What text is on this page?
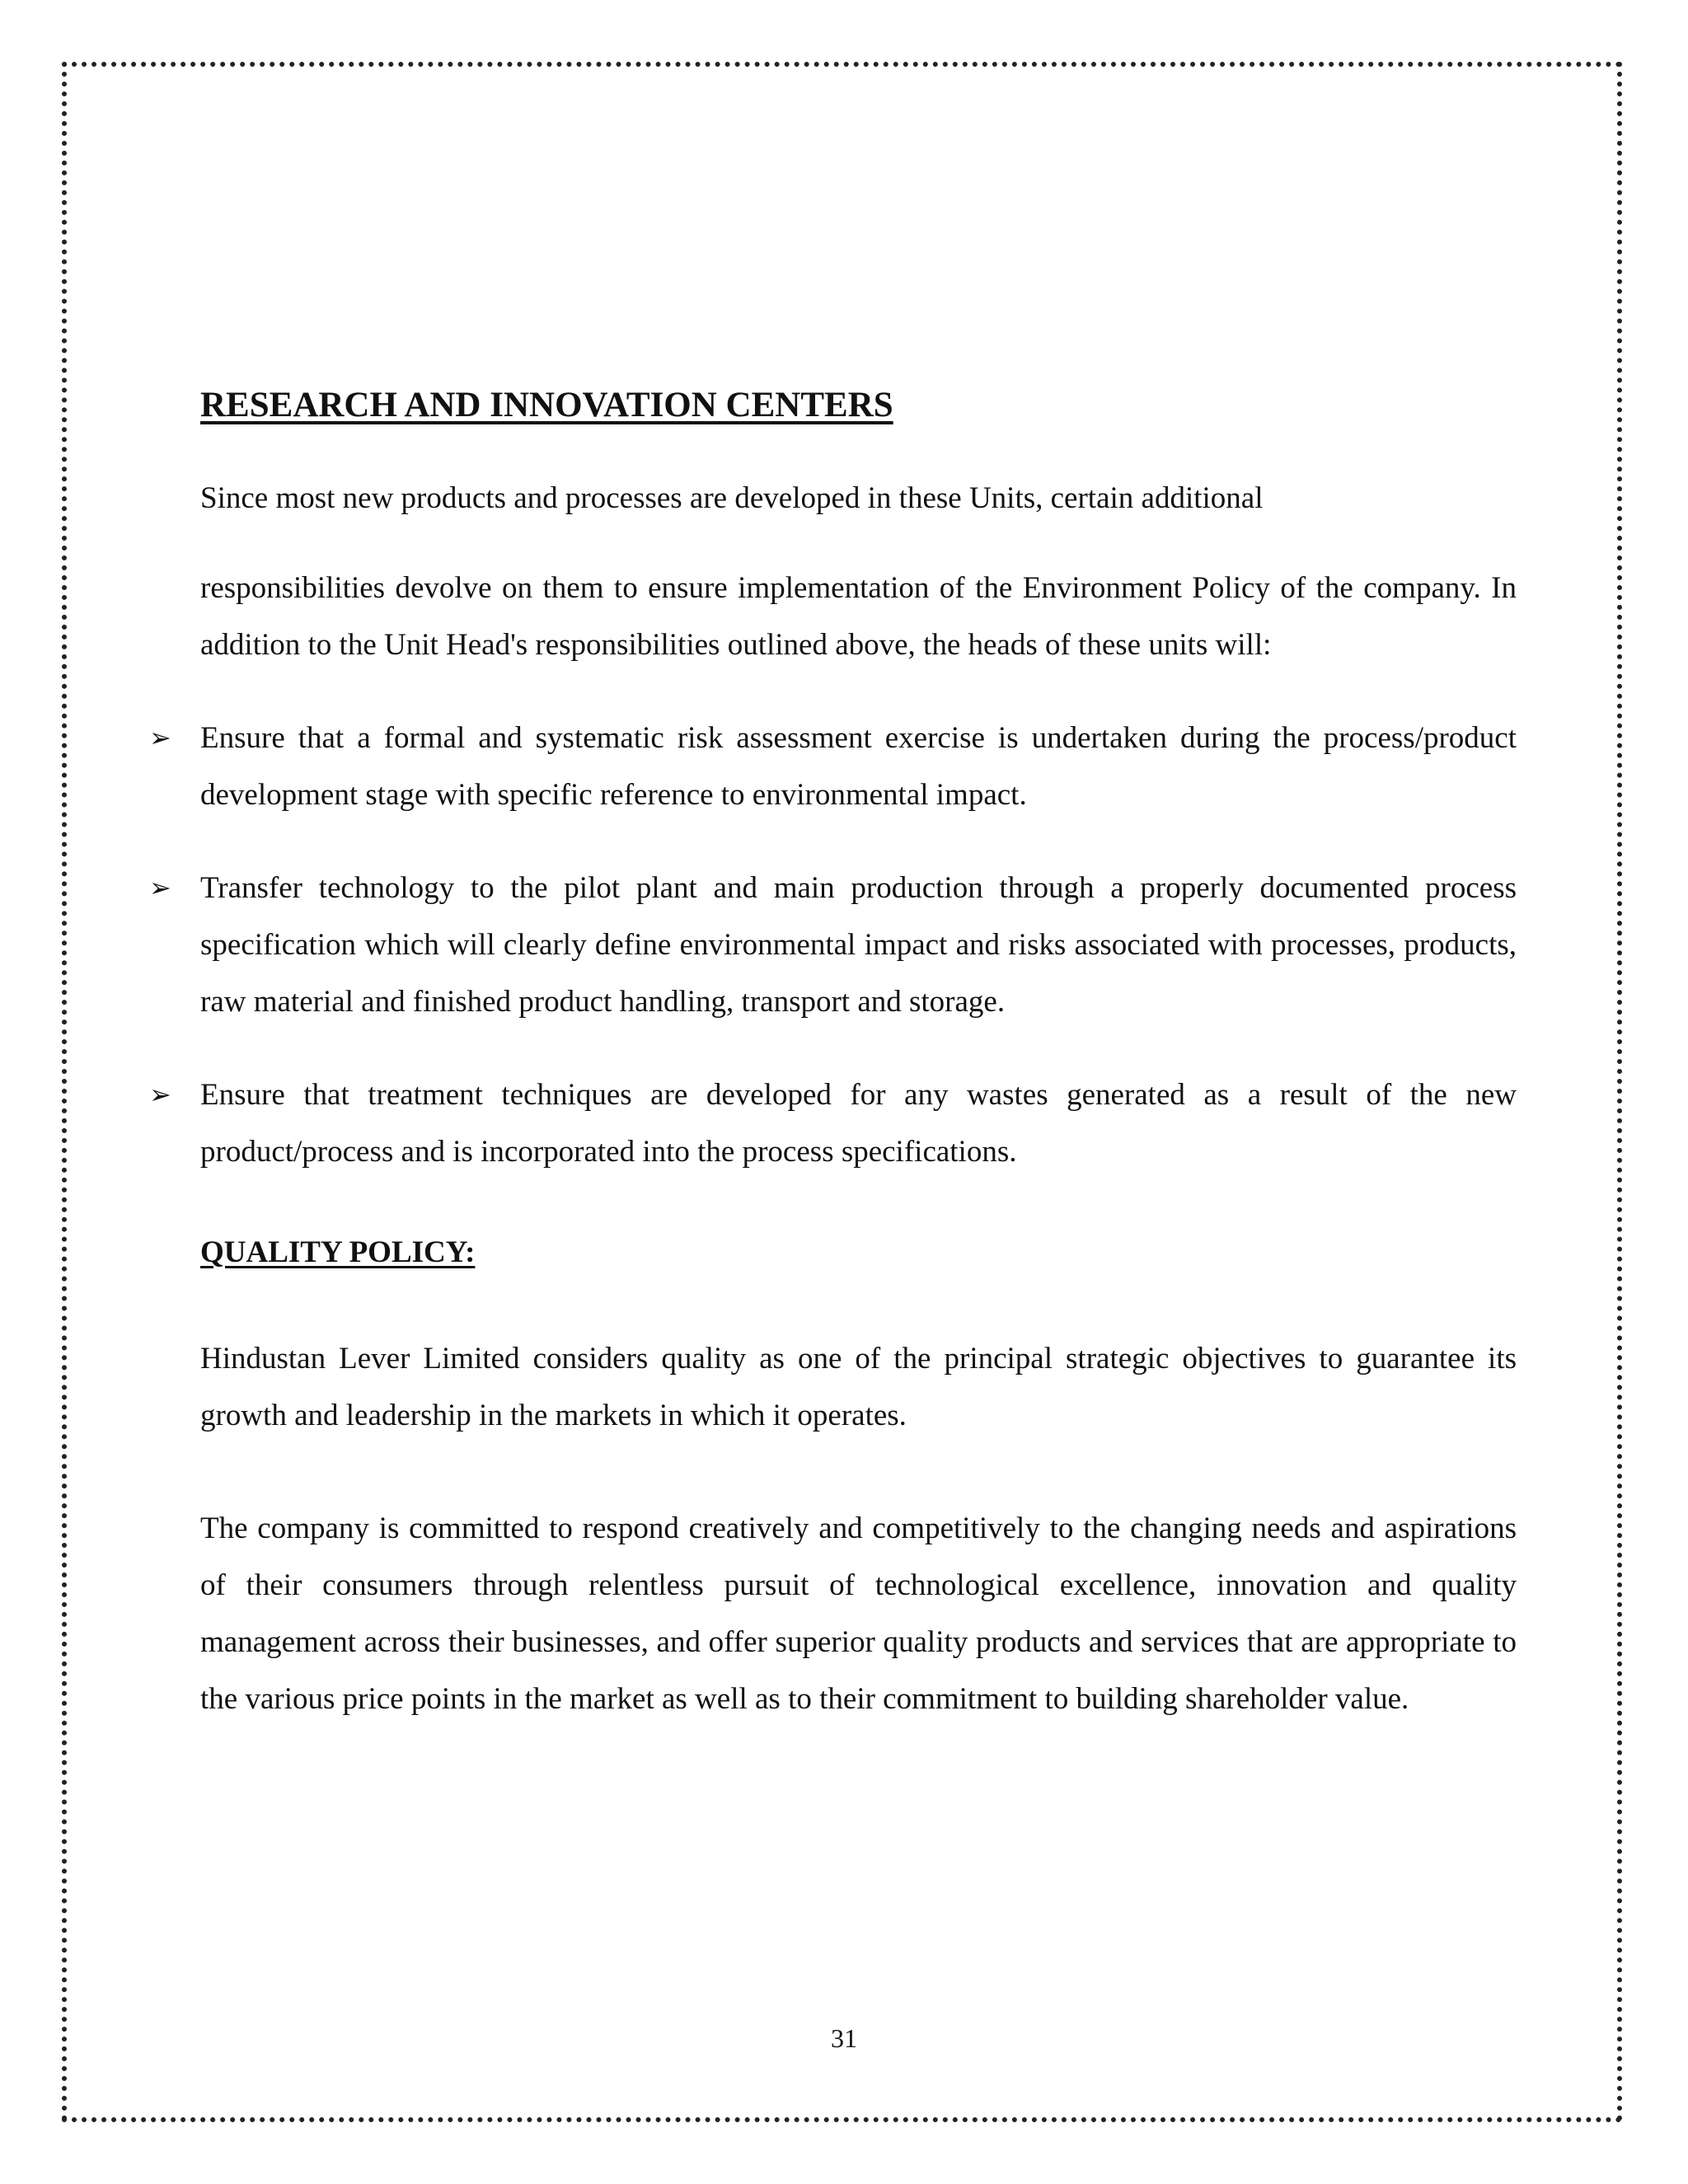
RESEARCH AND INNOVATION CENTERS

Since most new products and processes are developed in these Units, certain additional

responsibilities devolve on them to ensure implementation of the Environment Policy of the company. In addition to the Unit Head's responsibilities outlined above, the heads of these units will:

➢ Ensure that a formal and systematic risk assessment exercise is undertaken during the process/product development stage with specific reference to environmental impact.
➢ Transfer technology to the pilot plant and main production through a properly documented process specification which will clearly define environmental impact and risks associated with processes, products, raw material and finished product handling, transport and storage.
➢ Ensure that treatment techniques are developed for any wastes generated as a result of the new product/process and is incorporated into the process specifications.
QUALITY POLICY:

Hindustan Lever Limited considers quality as one of the principal strategic objectives to guarantee its growth and leadership in the markets in which it operates.

The company is committed to respond creatively and competitively to the changing needs and aspirations of their consumers through relentless pursuit of technological excellence, innovation and quality management across their businesses, and offer superior quality products and services that are appropriate to the various price points in the market as well as to their commitment to building shareholder value.

31
